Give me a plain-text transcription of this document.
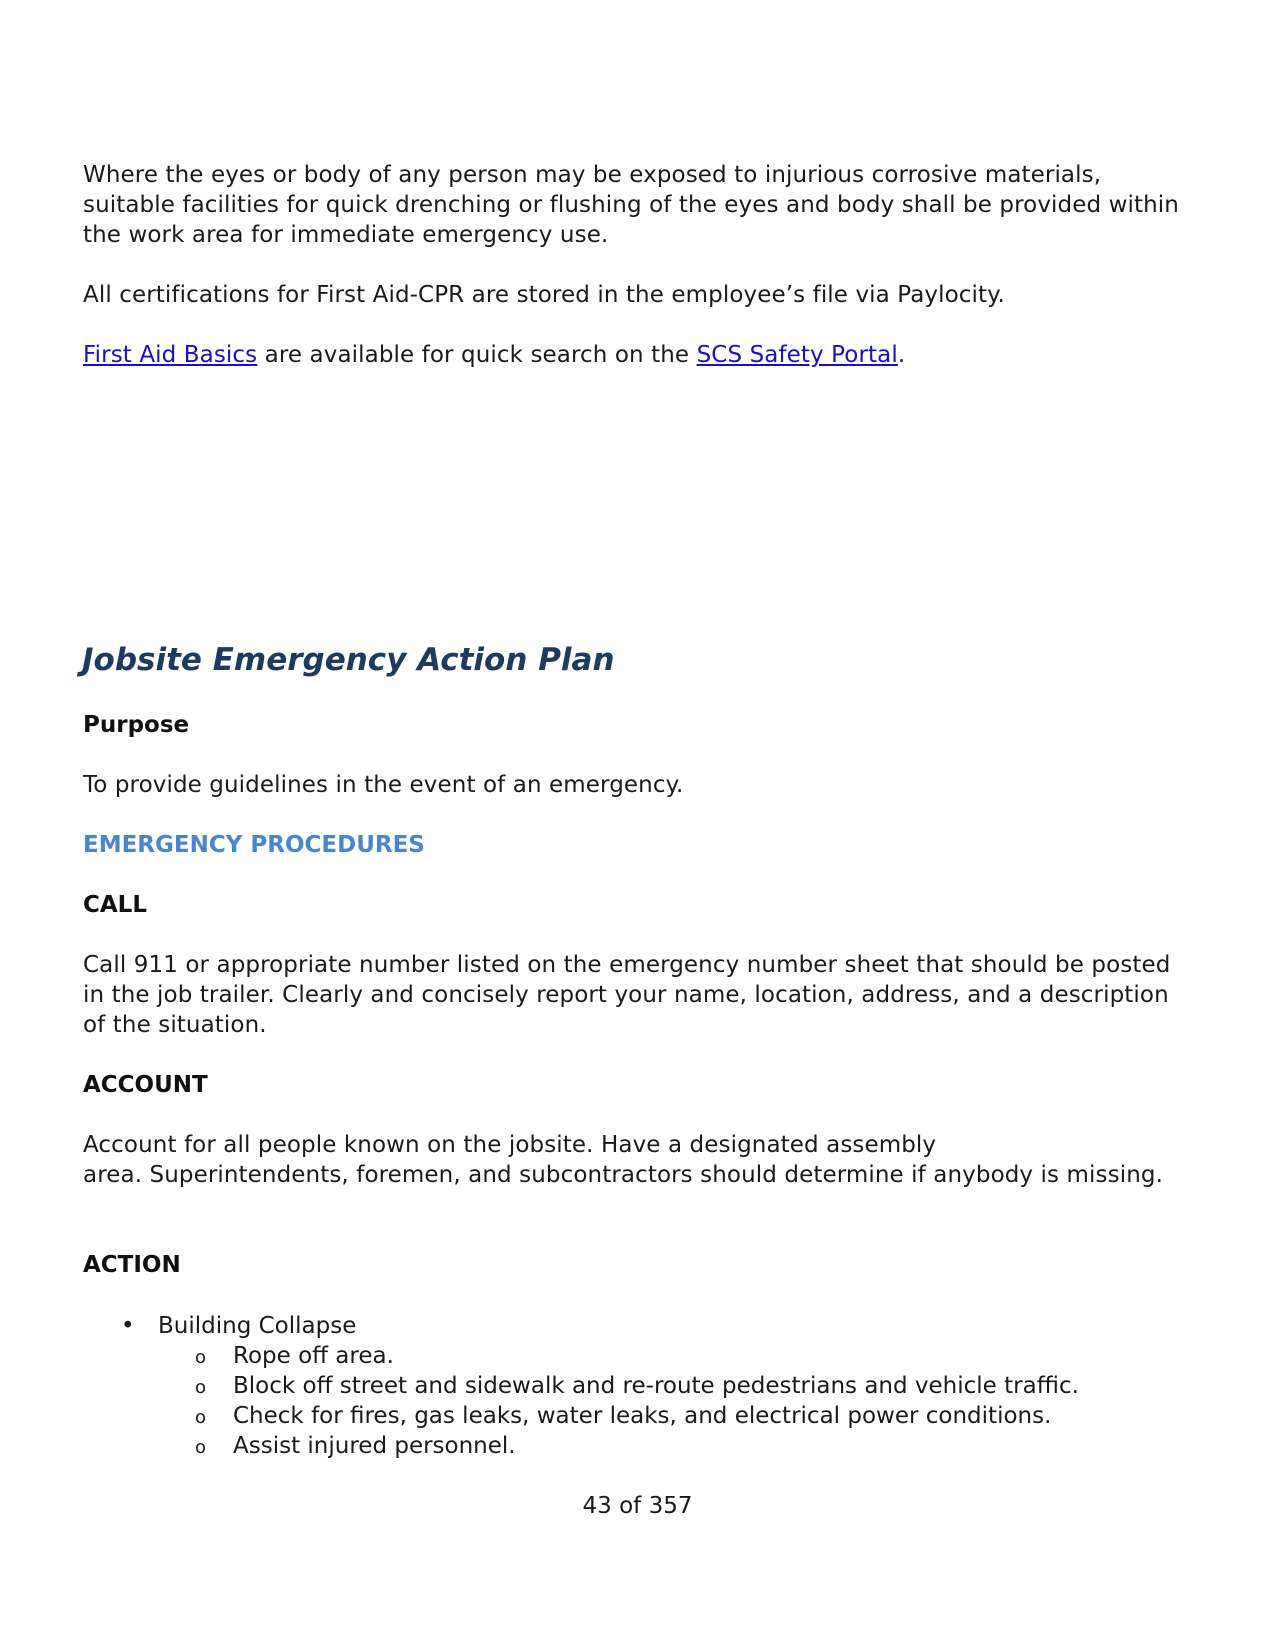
Where the eyes or body of any person may be exposed to injurious corrosive materials, suitable facilities for quick drenching or flushing of the eyes and body shall be provided within the work area for immediate emergency use.

All certifications for First Aid-CPR are stored in the employee’s file via Paylocity.

First Aid Basics are available for quick search on the SCS Safety Portal.

Jobsite Emergency Action Plan
Purpose

To provide guidelines in the event of an emergency.

EMERGENCY PROCEDURES
CALL

Call 911 or appropriate number listed on the emergency number sheet that should be posted in the job trailer. Clearly and concisely report your name, location, address, and a description of the situation.

ACCOUNT

Account for all people known on the jobsite. Have a designated assembly
area. Superintendents, foremen, and subcontractors should determine if anybody is missing.

ACTION
• Building Collapse
o Rope off area.
o Block off street and sidewalk and re-route pedestrians and vehicle traffic.
o Check for fires, gas leaks, water leaks, and electrical power conditions.
o Assist injured personnel.

43 of 357
